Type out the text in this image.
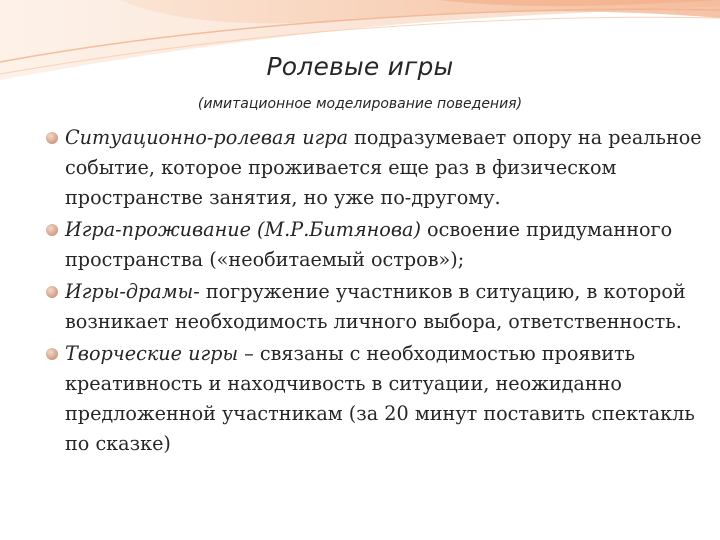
Ролевые игры
(имитационное моделирование поведения)
Ситуационно-ролевая игра подразумевает опору на реальное событие, которое проживается еще раз в физическом пространстве занятия, но уже по-другому.
Игра-проживание (М.Р.Битянова) освоение придуманного пространства («необитаемый остров»);
Игры-драмы- погружение участников в ситуацию, в которой возникает необходимость личного выбора, ответственность.
Творческие игры – связаны с необходимостью проявить креативность и находчивость в ситуации, неожиданно предложенной участникам (за 20 минут поставить спектакль по сказке)
